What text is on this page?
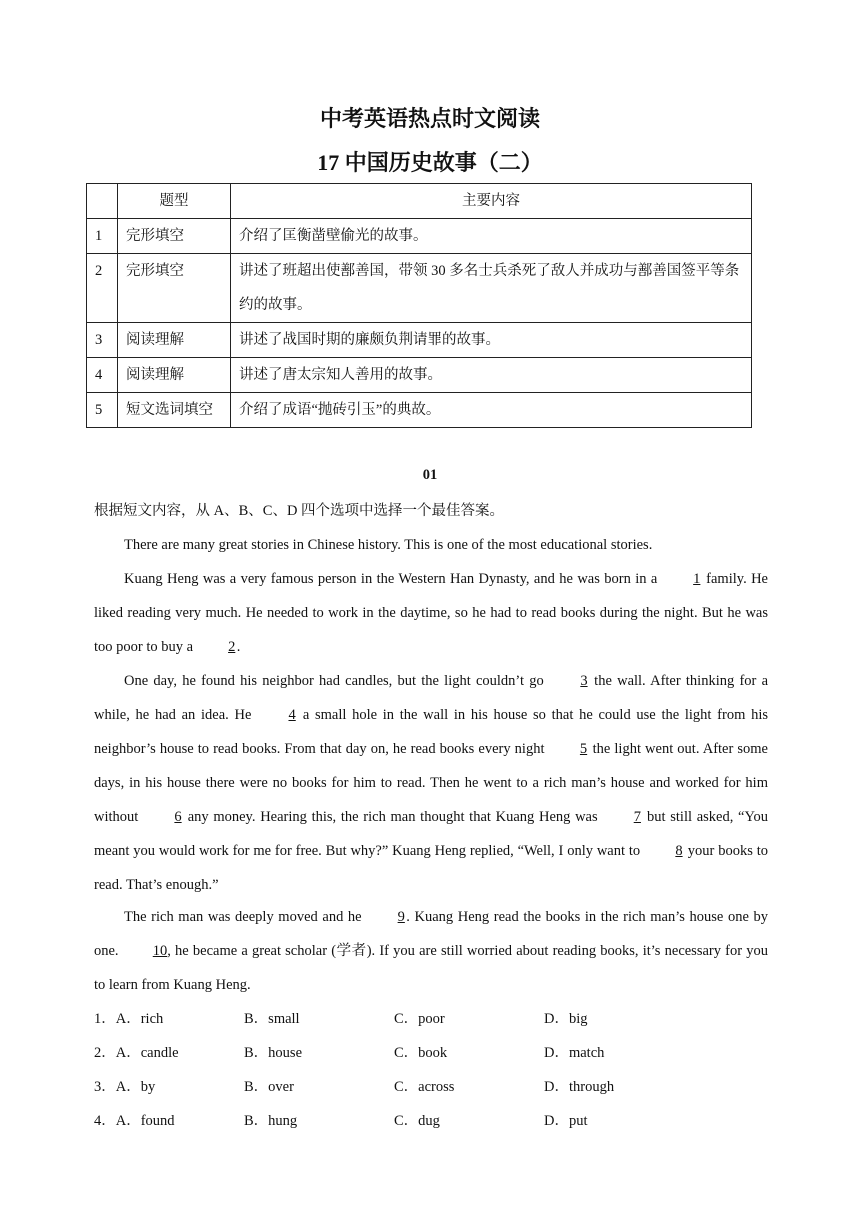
中考英语热点时文阅读
17 中国历史故事（二）
	题型	主要内容
1	完形填空	介绍了匡衡凿壁偷光的故事。
2	完形填空	讲述了班超出使鄯善国，带领 30 多名士兵杀死了敌人并成功与鄯善国签平等条约的故事。
3	阅读理解	讲述了战国时期的廉颇负荆请罪的故事。
4	阅读理解	讲述了唐太宗知人善用的故事。
5	短文选词填空	介绍了成语“抛砖引玉”的典故。
01
根据短文内容，从 A、B、C、D 四个选项中选择一个最佳答案。
There are many great stories in Chinese history. This is one of the most educational stories.
Kuang Heng was a very famous person in the Western Han Dynasty, and he was born in a 1 family. He liked reading very much. He needed to work in the daytime, so he had to read books during the night. But he was too poor to buy a 2.
One day, he found his neighbor had candles, but the light couldn’t go 3 the wall. After thinking for a while, he had an idea. He 4 a small hole in the wall in his house so that he could use the light from his neighbor’s house to read books. From that day on, he read books every night 5 the light went out. After some days, in his house there were no books for him to read. Then he went to a rich man’s house and worked for him without 6 any money. Hearing this, the rich man thought that Kuang Heng was 7 but still asked, “You meant you would work for me for free. But why?” Kuang Heng replied, “Well, I only want to 8 your books to read. That’s enough.”
The rich man was deeply moved and he 9. Kuang Heng read the books in the rich man’s house one by one. 10, he became a great scholar (学者). If you are still worried about reading books, it’s necessary for you to learn from Kuang Heng.
1．A．rich	B．small	C．poor	D．big
2．A．candle	B．house	C．book	D．match
3．A．by	B．over	C．across	D．through
4．A．found	B．hung	C．dug	D．put
